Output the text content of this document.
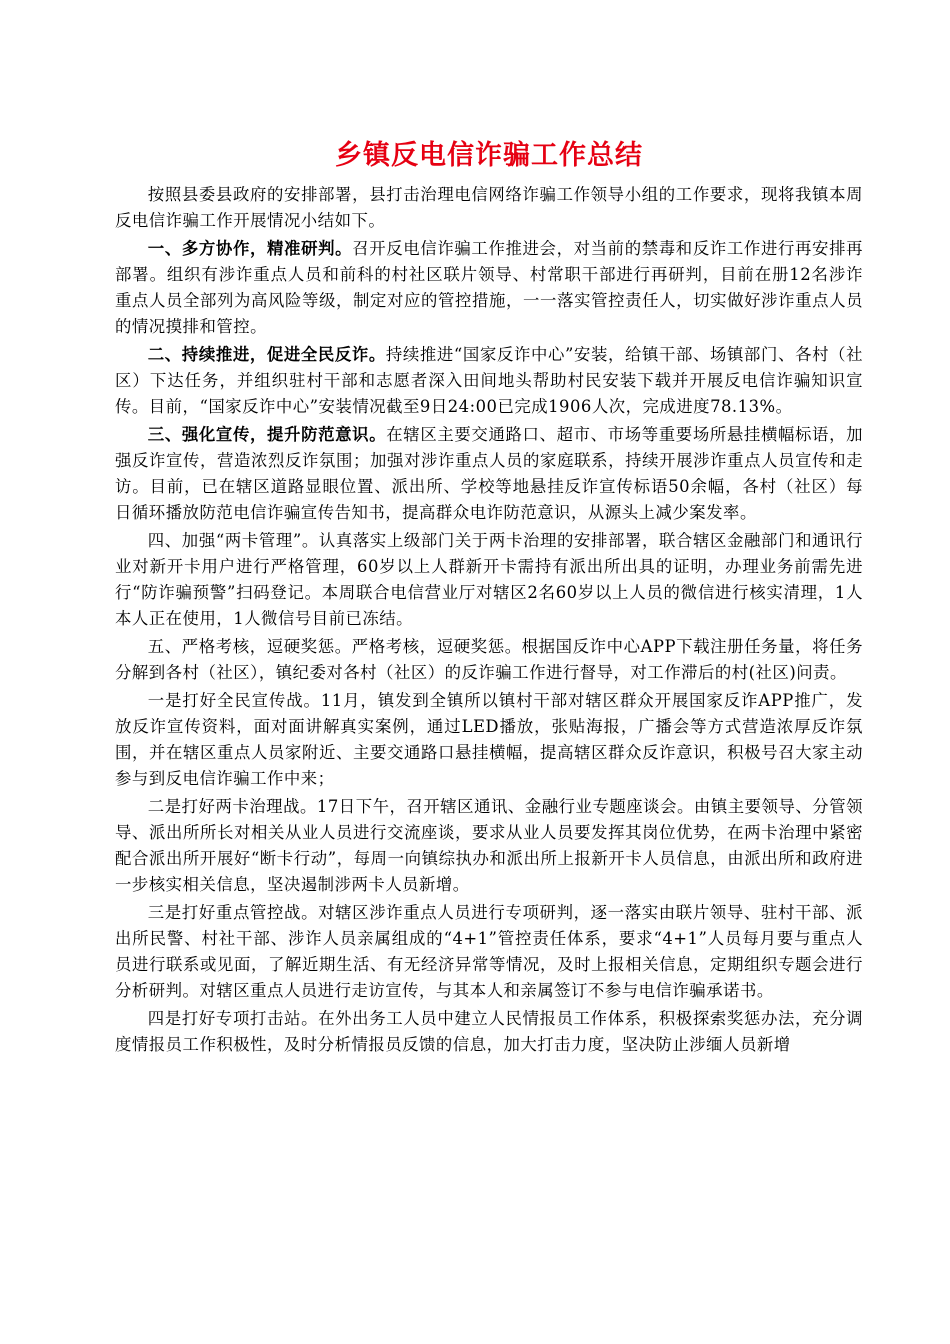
乡镇反电信诈骗工作总结

按照县委县政府的安排部署，县打击治理电信网络诈骗工作领导小组的工作要求，现将我镇本周反电信诈骗工作开展情况小结如下。

一、多方协作，精准研判。召开反电信诈骗工作推进会，对当前的禁毒和反诈工作进行再安排再部署。组织有涉诈重点人员和前科的村社区联片领导、村常职干部进行再研判，目前在册12名涉诈重点人员全部列为高风险等级，制定对应的管控措施，一一落实管控责任人，切实做好涉诈重点人员的情况摸排和管控。

二、持续推进，促进全民反诈。持续推进“国家反诈中心”安装，给镇干部、场镇部门、各村（社区）下达任务，并组织驻村干部和志愿者深入田间地头帮助村民安装下载并开展反电信诈骗知识宣传。目前，“国家反诈中心”安装情况截至9日24:00已完成1906人次，完成进度78.13%。

三、强化宣传，提升防范意识。在辖区主要交通路口、超市、市场等重要场所悬挂横幅标语，加强反诈宣传，营造浓烈反诈氛围；加强对涉诈重点人员的家庭联系，持续开展涉诈重点人员宣传和走访。目前，已在辖区道路显眼位置、派出所、学校等地悬挂反诈宣传标语50余幅，各村（社区）每日循环播放防范电信诈骗宣传告知书，提高群众电诈防范意识，从源头上减少案发率。

四、加强“两卡管理”。认真落实上级部门关于两卡治理的安排部署，联合辖区金融部门和通讯行业对新开卡用户进行严格管理，60岁以上人群新开卡需持有派出所出具的证明，办理业务前需先进行“防诈骗预警”扫码登记。本周联合电信营业厅对辖区2名60岁以上人员的微信进行核实清理，1人本人正在使用，1人微信号目前已冻结。

五、严格考核，逗硬奖惩。严格考核，逗硬奖惩。根据国反诈中心APP下载注册任务量，将任务分解到各村（社区），镇纪委对各村（社区）的反诈骗工作进行督导，对工作滞后的村(社区)问责。

一是打好全民宣传战。11月，镇发到全镇所以镇村干部对辖区群众开展国家反诈APP推广，发放反诈宣传资料，面对面讲解真实案例，通过LED播放，张贴海报，广播会等方式营造浓厚反诈氛围，并在辖区重点人员家附近、主要交通路口悬挂横幅，提高辖区群众反诈意识，积极号召大家主动参与到反电信诈骗工作中来；

二是打好两卡治理战。17日下午，召开辖区通讯、金融行业专题座谈会。由镇主要领导、分管领导、派出所所长对相关从业人员进行交流座谈，要求从业人员要发挥其岗位优势，在两卡治理中紧密配合派出所开展好“断卡行动”，每周一向镇综执办和派出所上报新开卡人员信息，由派出所和政府进一步核实相关信息，坚决遏制涉两卡人员新增。

三是打好重点管控战。对辖区涉诈重点人员进行专项研判，逐一落实由联片领导、驻村干部、派出所民警、村社干部、涉诈人员亲属组成的“4+1”管控责任体系，要求“4+1”人员每月要与重点人员进行联系或见面，了解近期生活、有无经济异常等情况，及时上报相关信息，定期组织专题会进行分析研判。对辖区重点人员进行走访宣传，与其本人和亲属签订不参与电信诈骗承诺书。

四是打好专项打击站。在外出务工人员中建立人民情报员工作体系，积极探索奖惩办法，充分调度情报员工作积极性，及时分析情报员反馈的信息，加大打击力度，坚决防止涉缅人员新增
